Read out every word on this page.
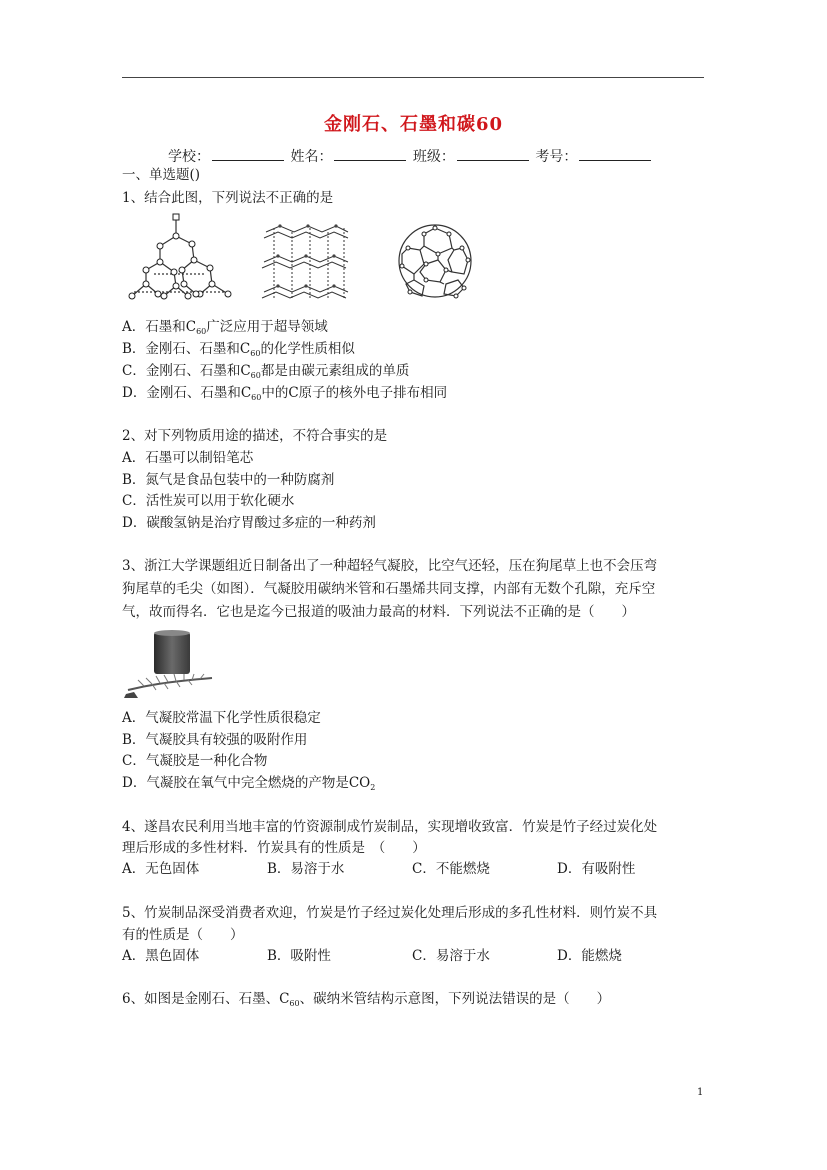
金刚石、石墨和碳60
学校：	姓名：	班级：	考号：
一、单选题()
1、结合此图，下列说法不正确的是
A．石墨和$C_{60}$广泛应用于超导领域
B．金刚石、石墨和$C_{60}$的化学性质相似
C．金刚石、石墨和$C_{60}$都是由碳元素组成的单质
D．金刚石、石墨和$C_{60}$中的C原子的核外电子排布相同
2、对下列物质用途的描述，不符合事实的是
A．石墨可以制铅笔芯
B．氮气是食品包装中的一种防腐剂
C．活性炭可以用于软化硬水
D．碳酸氢钠是治疗胃酸过多症的一种药剂
3、浙江大学课题组近日制备出了一种超轻气凝胶，比空气还轻，压在狗尾草上也不会压弯
狗尾草的毛尖（如图）．气凝胶用碳纳米管和石墨烯共同支撑，内部有无数个孔隙，充斥空
气，故而得名．它也是迄今已报道的吸油力最高的材料．下列说法不正确的是（　　）
A．气凝胶常温下化学性质很稳定
B．气凝胶具有较强的吸附作用
C．气凝胶是一种化合物
D．气凝胶在氧气中完全燃烧的产物是$CO_2$
4、遂昌农民利用当地丰富的竹资源制成竹炭制品，实现增收致富．竹炭是竹子经过炭化处
理后形成的多性材料．竹炭具有的性质是　（　　）
A．无色固体	B．易溶于水	C．不能燃烧	D．有吸附性
5、竹炭制品深受消费者欢迎，竹炭是竹子经过炭化处理后形成的多孔性材料．则竹炭不具
有的性质是（　　）
A．黑色固体	B．吸附性	C．易溶于水	D．能燃烧
6、如图是金刚石、石墨、$C_{60}$、碳纳米管结构示意图，下列说法错误的是（　　）
1
